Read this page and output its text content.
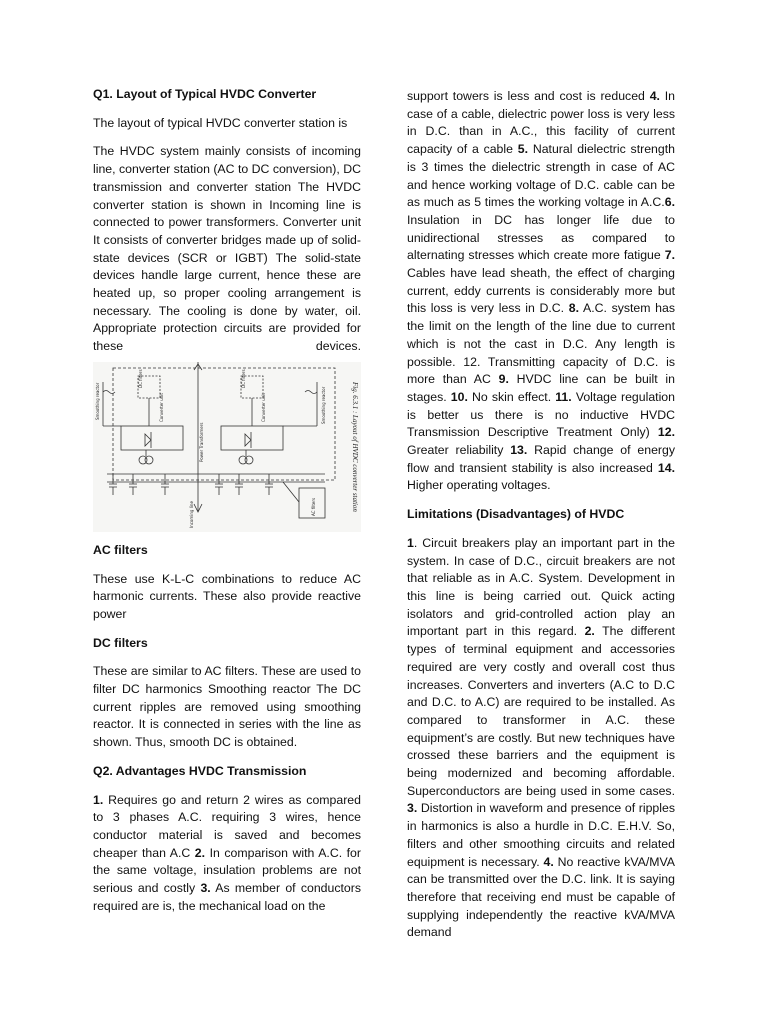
Q1. Layout of Typical HVDC Converter

The layout of typical HVDC converter station is

The HVDC system mainly consists of incoming line, converter station (AC to DC conversion), DC transmission and converter station The HVDC converter station is shown in Incoming line is connected to power transformers. Converter unit It consists of converter bridges made up of solid-state devices (SCR or IGBT) The solid-state devices handle large current, hence these are heated up, so proper cooling arrangement is necessary. The cooling is done by water, oil. Appropriate protection circuits are provided for these devices.

Smoothing reactor	Smoothing reactor
DC filters	DC filters
Converter unit	Converter unit
Power Transformers
Incoming line	AC filters	Fig. 6.3.1 : Layout of HVDC converter station
AC filters

These use K-L-C combinations to reduce AC harmonic currents. These also provide reactive power

DC filters

These are similar to AC filters. These are used to filter DC harmonics Smoothing reactor The DC current ripples are removed using smoothing reactor. It is connected in series with the line as shown. Thus, smooth DC is obtained.

Q2. Advantages HVDC Transmission

1. Requires go and return 2 wires as compared to 3 phases A.C. requiring 3 wires, hence conductor material is saved and becomes cheaper than A.C 2. In comparison with A.C. for the same voltage, insulation problems are not serious and costly 3. As member of conductors required are is, the mechanical load on the

support towers is less and cost is reduced 4. In case of a cable, dielectric power loss is very less in D.C. than in A.C., this facility of current capacity of a cable 5. Natural dielectric strength is 3 times the dielectric strength in case of AC and hence working voltage of D.C. cable can be as much as 5 times the working voltage in A.C.6. Insulation in DC has longer life due to unidirectional stresses as compared to alternating stresses which create more fatigue 7. Cables have lead sheath, the effect of charging current, eddy currents is considerably more but this loss is very less in D.C. 8. A.C. system has the limit on the length of the line due to current which is not the cast in D.C. Any length is possible. 12. Transmitting capacity of D.C. is more than AC 9. HVDC line can be built in stages. 10. No skin effect. 11. Voltage regulation is better us there is no inductive HVDC Transmission Descriptive Treatment Only) 12. Greater reliability 13. Rapid change of energy flow and transient stability is also increased 14. Higher operating voltages.

Limitations (Disadvantages) of HVDC

1. Circuit breakers play an important part in the system. In case of D.C., circuit breakers are not that reliable as in A.C. System. Development in this line is being carried out. Quick acting isolators and grid-controlled action play an important part in this regard. 2. The different types of terminal equipment and accessories required are very costly and overall cost thus increases. Converters and inverters (A.C to D.C and D.C. to A.C) are required to be installed. As compared to transformer in A.C. these equipment’s are costly. But new techniques have crossed these barriers and the equipment is being modernized and becoming affordable. Superconductors are being used in some cases. 3. Distortion in waveform and presence of ripples in harmonics is also a hurdle in D.C. E.H.V. So, filters and other smoothing circuits and related equipment is necessary. 4. No reactive kVA/MVA can be transmitted over the D.C. link. It is saying therefore that receiving end must be capable of supplying independently the reactive kVA/MVA demand
